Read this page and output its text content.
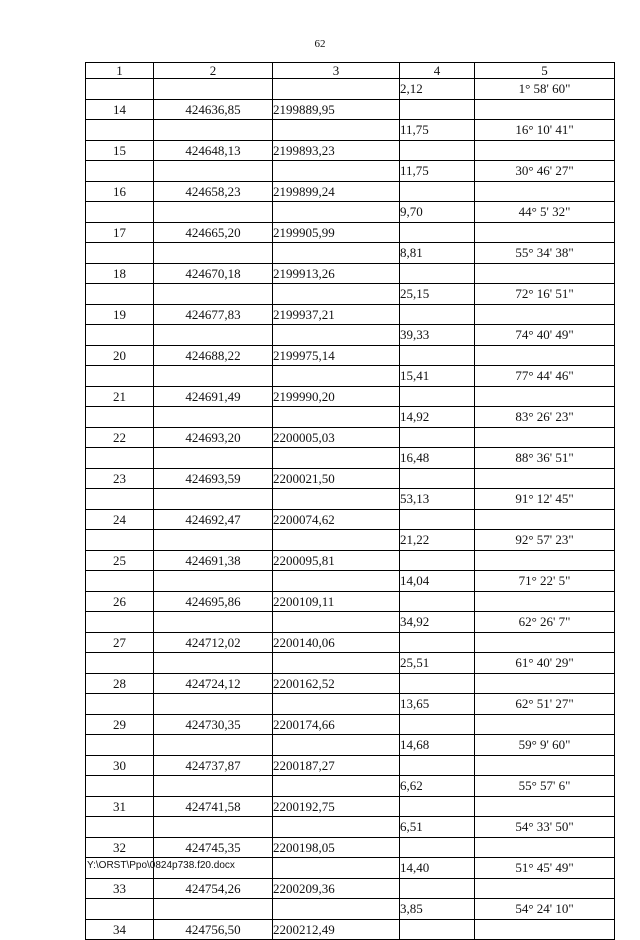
62
1	2	3	4	5
			2,12	1° 58' 60"
14	424636,85	2199889,95		
			11,75	16° 10' 41"
15	424648,13	2199893,23		
			11,75	30° 46' 27"
16	424658,23	2199899,24		
			9,70	44° 5' 32"
17	424665,20	2199905,99		
			8,81	55° 34' 38"
18	424670,18	2199913,26		
			25,15	72° 16' 51"
19	424677,83	2199937,21		
			39,33	74° 40' 49"
20	424688,22	2199975,14		
			15,41	77° 44' 46"
21	424691,49	2199990,20		
			14,92	83° 26' 23"
22	424693,20	2200005,03		
			16,48	88° 36' 51"
23	424693,59	2200021,50		
			53,13	91° 12' 45"
24	424692,47	2200074,62		
			21,22	92° 57' 23"
25	424691,38	2200095,81		
			14,04	71° 22' 5"
26	424695,86	2200109,11		
			34,92	62° 26' 7"
27	424712,02	2200140,06		
			25,51	61° 40' 29"
28	424724,12	2200162,52		
			13,65	62° 51' 27"
29	424730,35	2200174,66		
			14,68	59° 9' 60"
30	424737,87	2200187,27		
			6,62	55° 57' 6"
31	424741,58	2200192,75		
			6,51	54° 33' 50"
32	424745,35	2200198,05		
			14,40	51° 45' 49"
33	424754,26	2200209,36		
			3,85	54° 24' 10"
34	424756,50	2200212,49		
Y:\ORST\Ppo\0824p738.f20.docx
